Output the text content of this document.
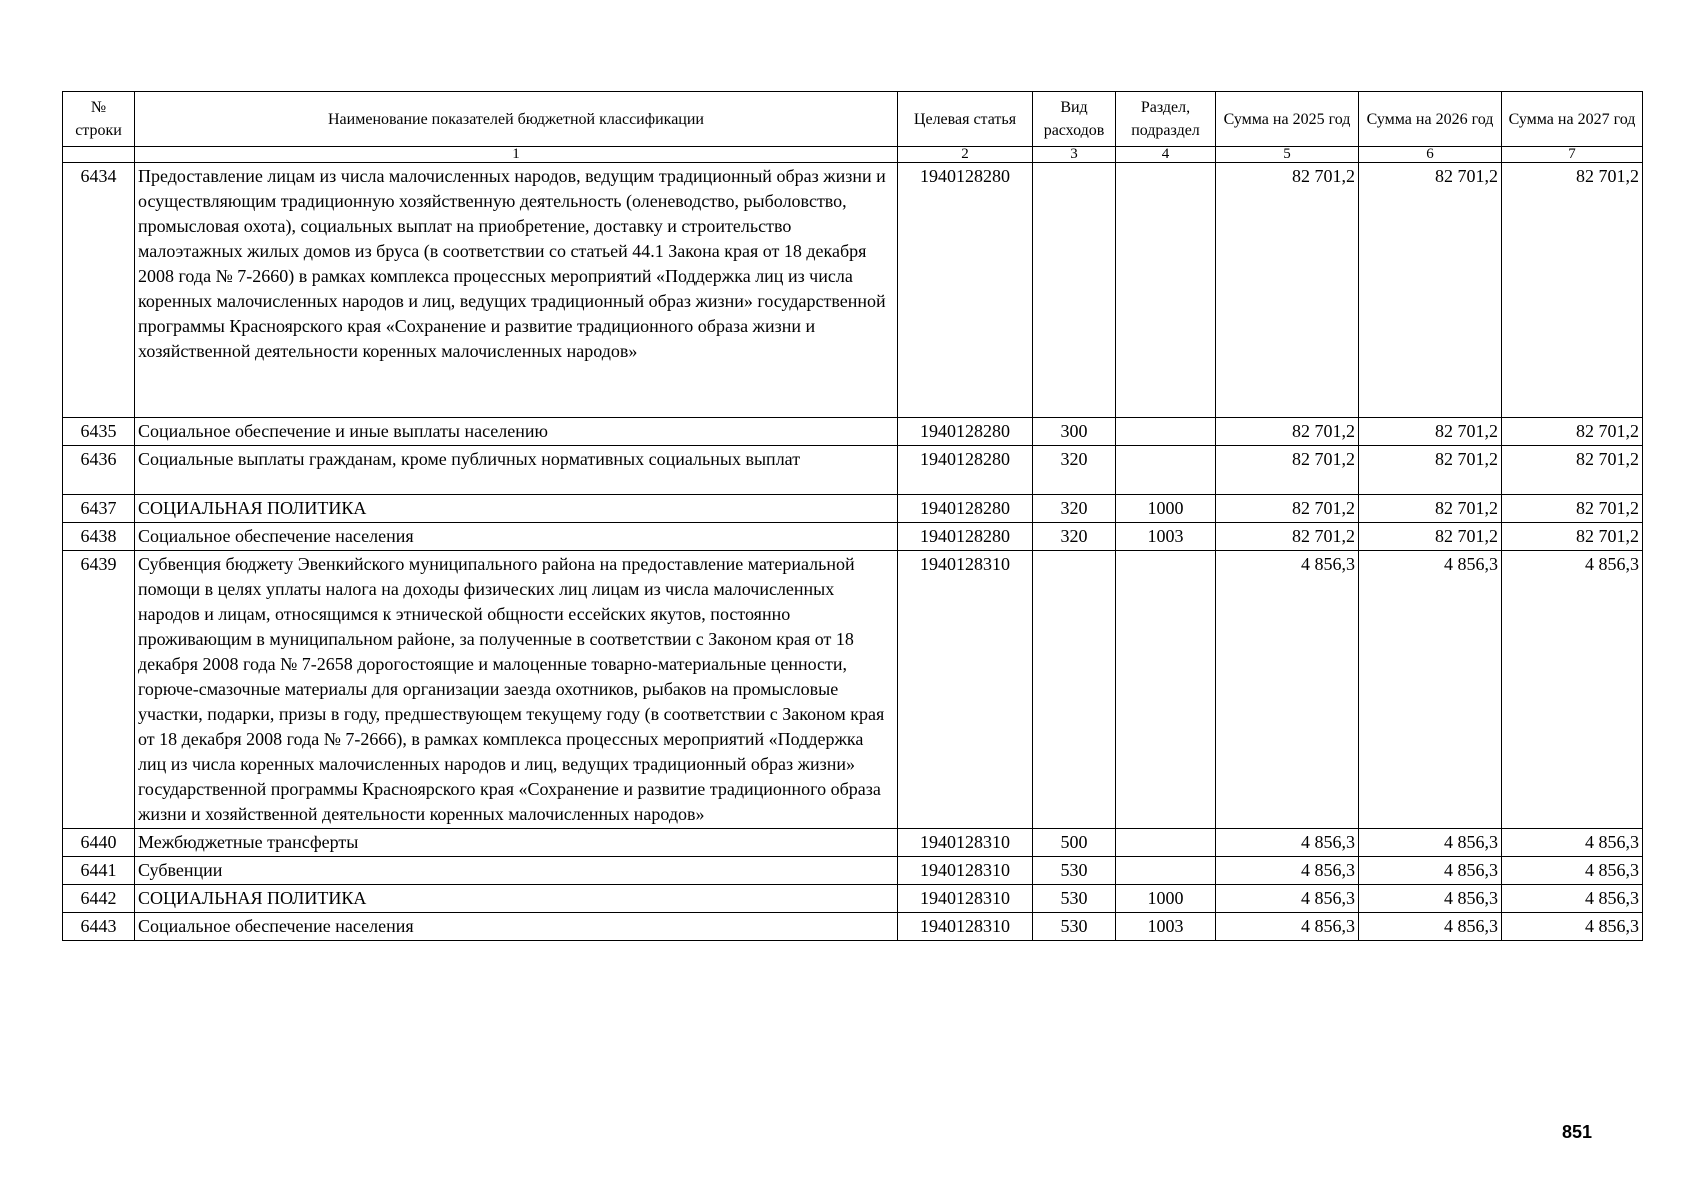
№ строки	Наименование показателей бюджетной классификации	Целевая статья	Вид расходов	Раздел, подраздел	Сумма на 2025 год	Сумма на 2026 год	Сумма на 2027 год
	1	2	3	4	5	6	7
6434	Предоставление лицам из числа малочисленных народов, ведущим традиционный образ жизни и осуществляющим традиционную хозяйственную деятельность (оленеводство, рыболовство, промысловая охота), социальных выплат на приобретение, доставку и строительство малоэтажных жилых домов из бруса (в соответствии со статьей 44.1 Закона края от 18 декабря 2008 года № 7-2660) в рамках комплекса процессных мероприятий «Поддержка лиц из числа коренных малочисленных народов и лиц, ведущих традиционный образ жизни» государственной программы Красноярского края «Сохранение и развитие традиционного образа жизни и хозяйственной деятельности коренных малочисленных народов»	1940128280			82 701,2	82 701,2	82 701,2
6435	Социальное обеспечение и иные выплаты населению	1940128280	300		82 701,2	82 701,2	82 701,2
6436	Социальные выплаты гражданам, кроме публичных нормативных социальных выплат	1940128280	320		82 701,2	82 701,2	82 701,2
6437	СОЦИАЛЬНАЯ ПОЛИТИКА	1940128280	320	1000	82 701,2	82 701,2	82 701,2
6438	Социальное обеспечение населения	1940128280	320	1003	82 701,2	82 701,2	82 701,2
6439	Субвенция бюджету Эвенкийского муниципального района на предоставление материальной помощи в целях уплаты налога на доходы физических лиц лицам из числа малочисленных народов и лицам, относящимся к этнической общности ессейских якутов, постоянно проживающим в муниципальном районе, за полученные в соответствии с Законом края от 18 декабря 2008 года № 7-2658 дорогостоящие и малоценные товарно-материальные ценности, горюче-смазочные материалы для организации заезда охотников, рыбаков на промысловые участки, подарки, призы в году, предшествующем текущему году (в соответствии с Законом края от 18 декабря 2008 года № 7-2666), в рамках комплекса процессных мероприятий «Поддержка лиц из числа коренных малочисленных народов и лиц, ведущих традиционный образ жизни» государственной программы Красноярского края «Сохранение и развитие традиционного образа жизни и хозяйственной деятельности коренных малочисленных народов»	1940128310			4 856,3	4 856,3	4 856,3
6440	Межбюджетные трансферты	1940128310	500		4 856,3	4 856,3	4 856,3
6441	Субвенции	1940128310	530		4 856,3	4 856,3	4 856,3
6442	СОЦИАЛЬНАЯ ПОЛИТИКА	1940128310	530	1000	4 856,3	4 856,3	4 856,3
6443	Социальное обеспечение населения	1940128310	530	1003	4 856,3	4 856,3	4 856,3
851
